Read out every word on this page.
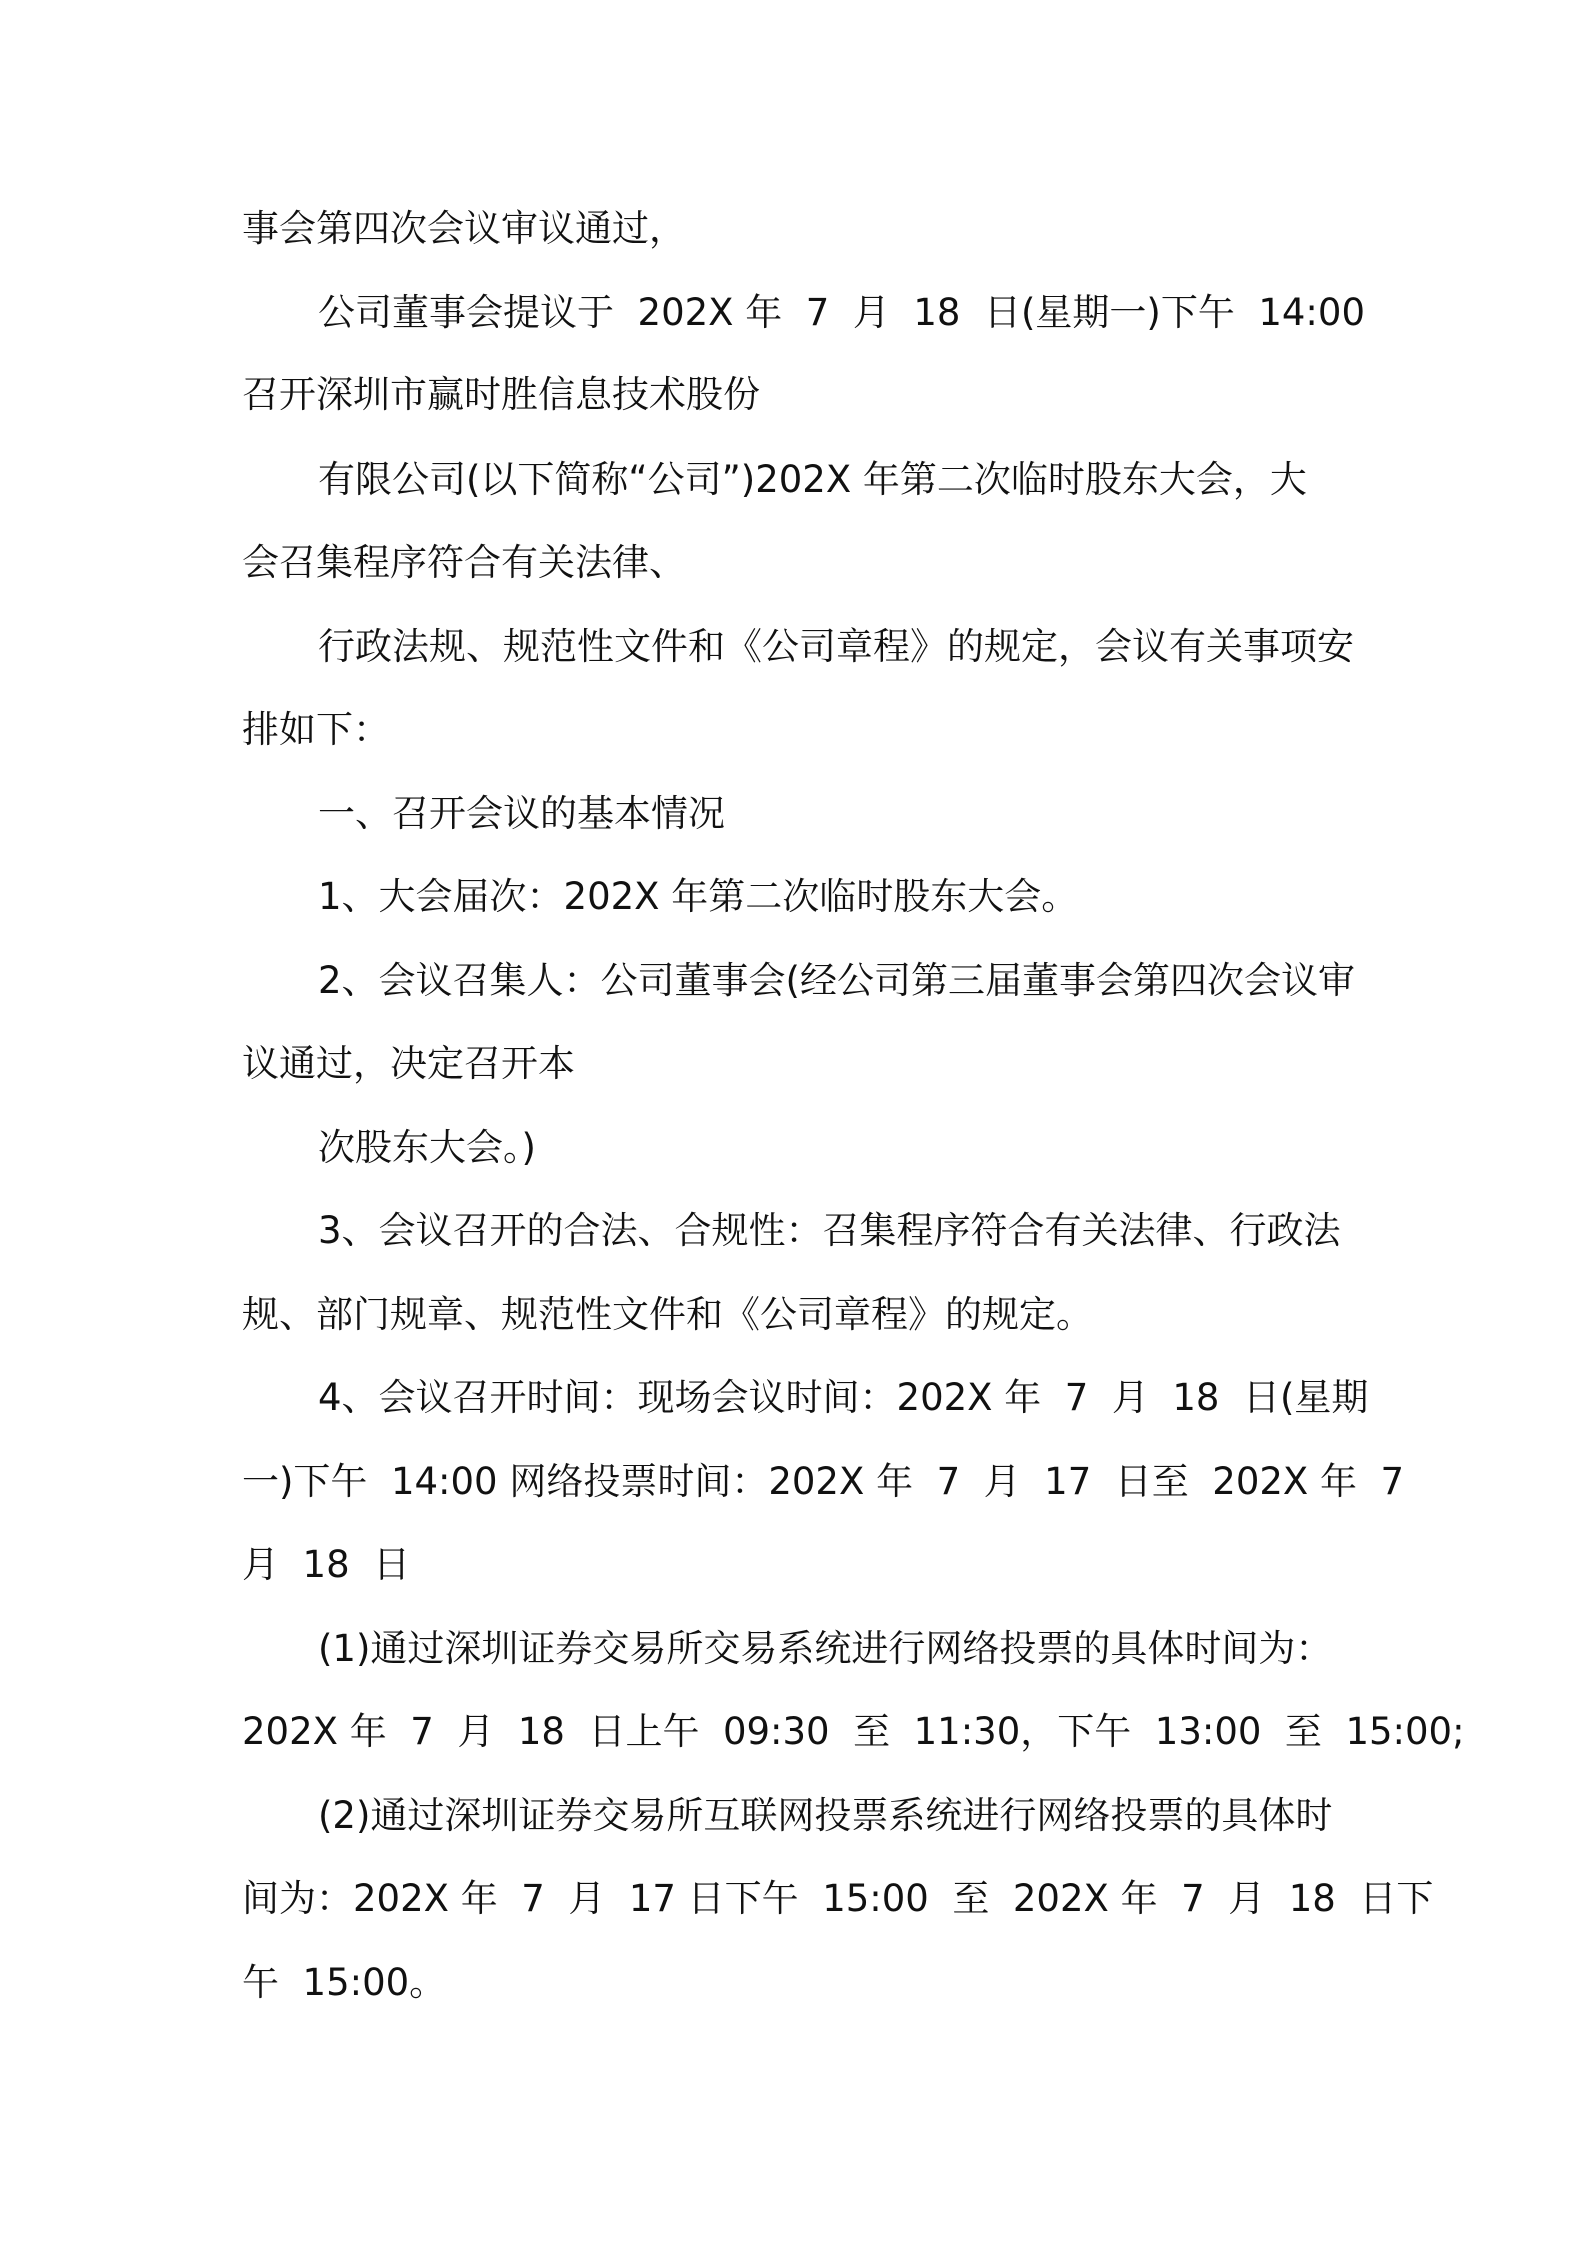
事会第四次会议审议通过，
公司董事会提议于  202X 年  7  月  18  日(星期一)下午  14:00
召开深圳市赢时胜信息技术股份
有限公司(以下简称“公司”)202X 年第二次临时股东大会，大
会召集程序符合有关法律、
行政法规、规范性文件和《公司章程》的规定，会议有关事项安
排如下：
一、召开会议的基本情况
1、大会届次：202X 年第二次临时股东大会。
2、会议召集人：公司董事会(经公司第三届董事会第四次会议审
议通过，决定召开本
次股东大会。)
3、会议召开的合法、合规性：召集程序符合有关法律、行政法
规、部门规章、规范性文件和《公司章程》的规定。
4、会议召开时间：现场会议时间：202X 年  7  月  18  日(星期
一)下午  14:00 网络投票时间：202X 年  7  月  17  日至  202X 年  7
月  18  日
(1)通过深圳证券交易所交易系统进行网络投票的具体时间为：
202X 年  7  月  18  日上午  09:30  至  11:30，下午  13:00  至  15:00;
(2)通过深圳证券交易所互联网投票系统进行网络投票的具体时
间为：202X 年  7  月  17 日下午  15:00  至  202X 年  7  月  18  日下
午  15:00。
